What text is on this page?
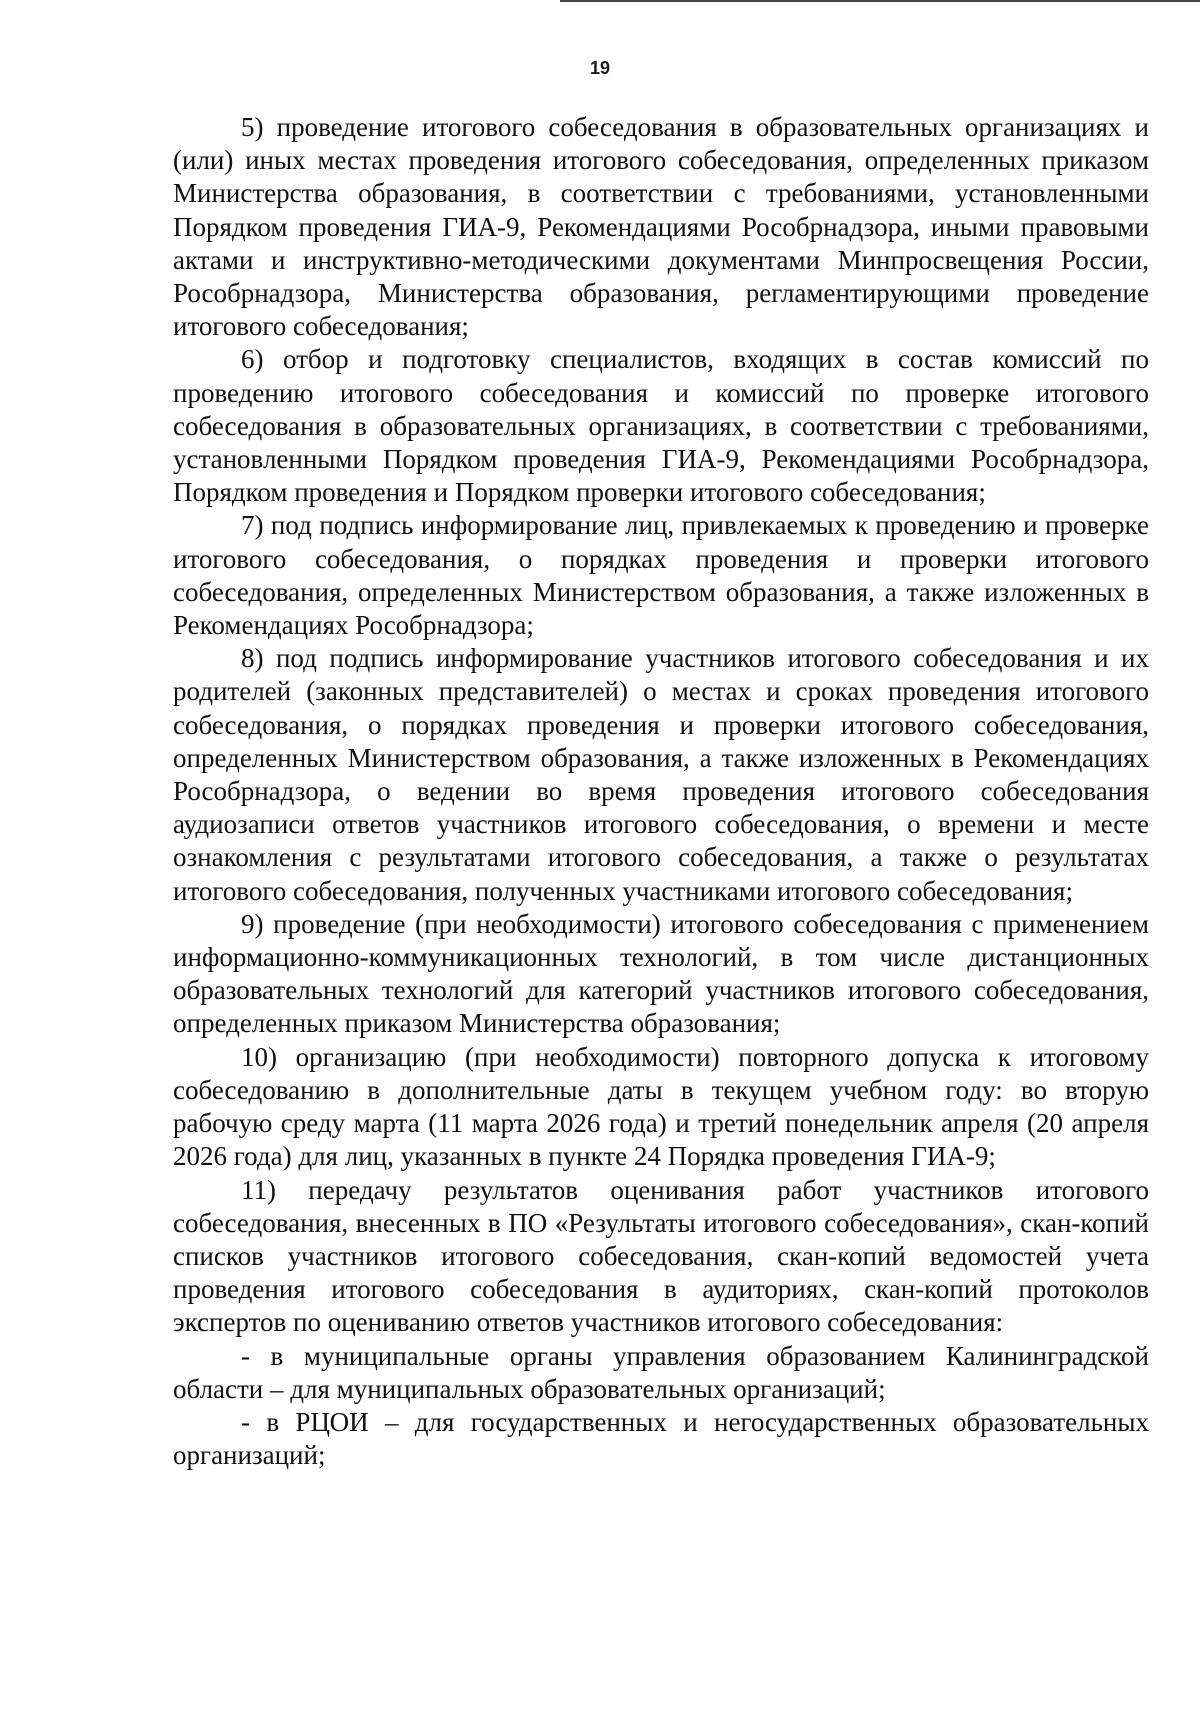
19

5) проведение итогового собеседования в образовательных организациях и (или) иных местах проведения итогового собеседования, определенных приказом Министерства образования, в соответствии с требованиями, установленными Порядком проведения ГИА-9, Рекомендациями Рособрнадзора, иными правовыми актами и инструктивно-методическими документами Минпросвещения России, Рособрнадзора, Министерства образования, регламентирующими проведение итогового собеседования;

6) отбор и подготовку специалистов, входящих в состав комиссий по проведению итогового собеседования и комиссий по проверке итогового собеседования в образовательных организациях, в соответствии с требованиями, установленными Порядком проведения ГИА-9, Рекомендациями Рособрнадзора, Порядком проведения и Порядком проверки итогового собеседования;

7) под подпись информирование лиц, привлекаемых к проведению и проверке итогового собеседования, о порядках проведения и проверки итогового собеседования, определенных Министерством образования, а также изложенных в Рекомендациях Рособрнадзора;

8) под подпись информирование участников итогового собеседования и их родителей (законных представителей) о местах и сроках проведения итогового собеседования, о порядках проведения и проверки итогового собеседования, определенных Министерством образования, а также изложенных в Рекомендациях Рособрнадзора, о ведении во время проведения итогового собеседования аудиозаписи ответов участников итогового собеседования, о времени и месте ознакомления с результатами итогового собеседования, а также о результатах итогового собеседования, полученных участниками итогового собеседования;

9) проведение (при необходимости) итогового собеседования с применением информационно-коммуникационных технологий, в том числе дистанционных образовательных технологий для категорий участников итогового собеседования, определенных приказом Министерства образования;

10) организацию (при необходимости) повторного допуска к итоговому собеседованию в дополнительные даты в текущем учебном году: во вторую рабочую среду марта (11 марта 2026 года) и третий понедельник апреля (20 апреля 2026 года) для лиц, указанных в пункте 24 Порядка проведения ГИА-9;

11) передачу результатов оценивания работ участников итогового собеседования, внесенных в ПО «Результаты итогового собеседования», скан-копий списков участников итогового собеседования, скан-копий ведомостей учета проведения итогового собеседования в аудиториях, скан-копий протоколов экспертов по оцениванию ответов участников итогового собеседования:

- в муниципальные органы управления образованием Калининградской области – для муниципальных образовательных организаций;

- в РЦОИ – для государственных и негосударственных образовательных организаций;
